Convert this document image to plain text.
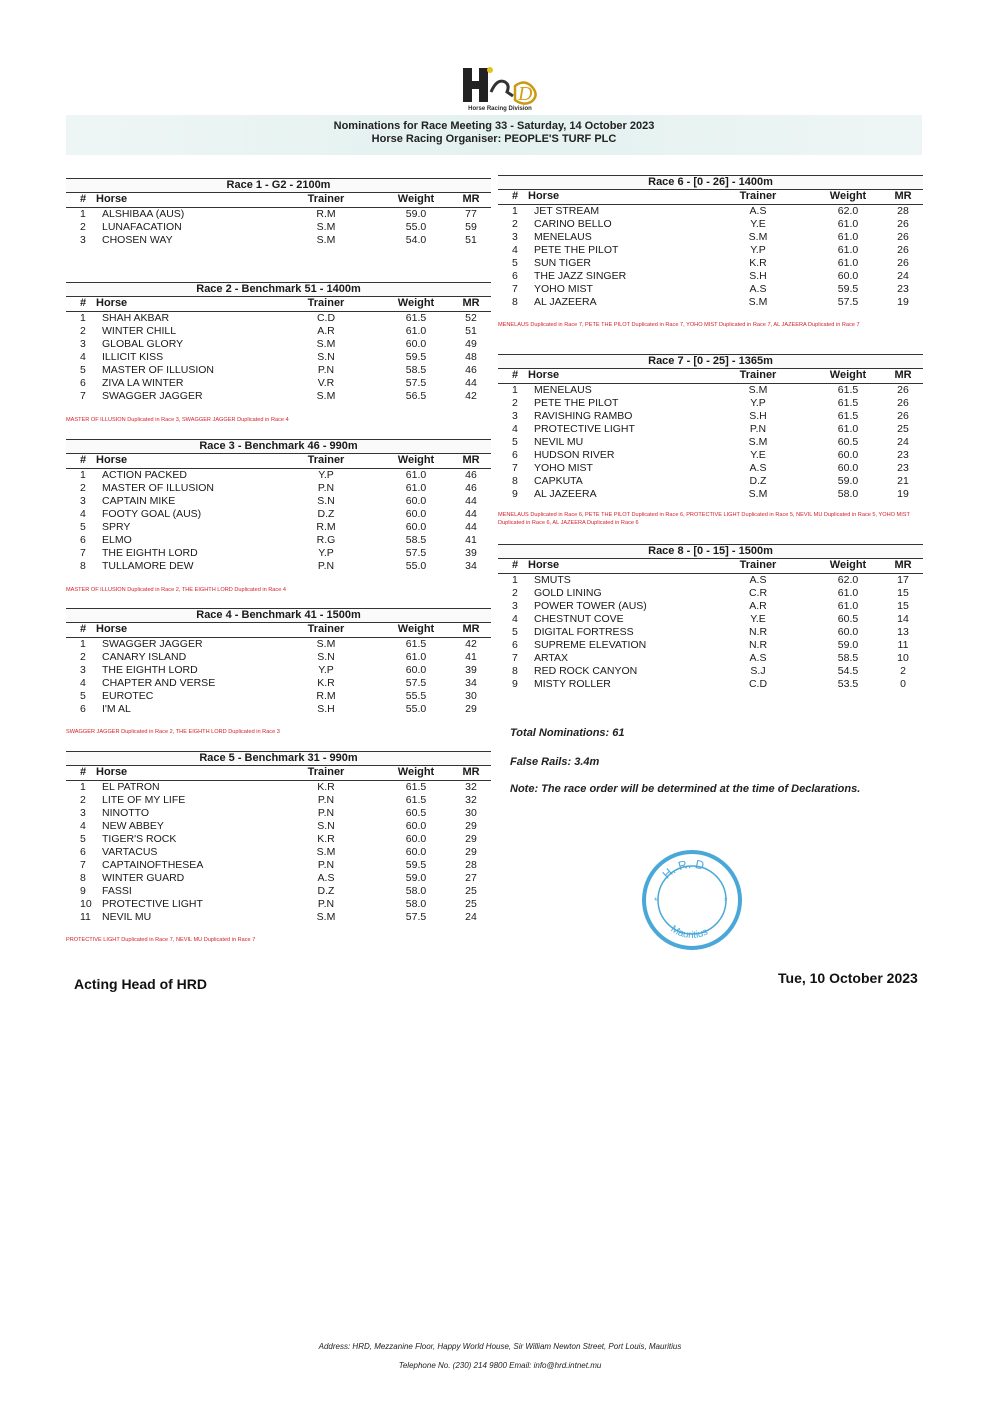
D
Horse Racing Division
Nominations for Race Meeting 33 - Saturday, 14 October 2023
Horse Racing Organiser: PEOPLE'S TURF PLC
Race 1 - G2 - 2100m
# Horse	Trainer	Weight	MR
1	ALSHIBAA (AUS)	R.M	59.0	77
2	LUNAFACATION	S.M	55.0	59
3	CHOSEN WAY	S.M	54.0	51
Race 2 - Benchmark 51 - 1400m
# Horse	Trainer	Weight	MR
1	SHAH AKBAR	C.D	61.5	52
2	WINTER CHILL	A.R	61.0	51
3	GLOBAL GLORY	S.M	60.0	49
4	ILLICIT KISS	S.N	59.5	48
5	MASTER OF ILLUSION	P.N	58.5	46
6	ZIVA LA WINTER	V.R	57.5	44
7	SWAGGER JAGGER	S.M	56.5	42
MASTER OF ILLUSION Duplicated in Race 3, SWAGGER JAGGER Duplicated in Race 4
Race 3 - Benchmark 46 - 990m
# Horse	Trainer	Weight	MR
1	ACTION PACKED	Y.P	61.0	46
2	MASTER OF ILLUSION	P.N	61.0	46
3	CAPTAIN MIKE	S.N	60.0	44
4	FOOTY GOAL (AUS)	D.Z	60.0	44
5	SPRY	R.M	60.0	44
6	ELMO	R.G	58.5	41
7	THE EIGHTH LORD	Y.P	57.5	39
8	TULLAMORE DEW	P.N	55.0	34
MASTER OF ILLUSION Duplicated in Race 2, THE EIGHTH LORD Duplicated in Race 4
Race 4 - Benchmark 41 - 1500m
# Horse	Trainer	Weight	MR
1	SWAGGER JAGGER	S.M	61.5	42
2	CANARY ISLAND	S.N	61.0	41
3	THE EIGHTH LORD	Y.P	60.0	39
4	CHAPTER AND VERSE	K.R	57.5	34
5	EUROTEC	R.M	55.5	30
6	I'M AL	S.H	55.0	29
SWAGGER JAGGER Duplicated in Race 2, THE EIGHTH LORD Duplicated in Race 3
Race 5 - Benchmark 31 - 990m
# Horse	Trainer	Weight	MR
1	EL PATRON	K.R	61.5	32
2	LITE OF MY LIFE	P.N	61.5	32
3	NINOTTO	P.N	60.5	30
4	NEW ABBEY	S.N	60.0	29
5	TIGER'S ROCK	K.R	60.0	29
6	VARTACUS	S.M	60.0	29
7	CAPTAINOFTHESEA	P.N	59.5	28
8	WINTER GUARD	A.S	59.0	27
9	FASSI	D.Z	58.0	25
10 PROTECTIVE LIGHT	P.N	58.0	25
11 NEVIL MU	S.M	57.5	24
PROTECTIVE LIGHT Duplicated in Race 7, NEVIL MU Duplicated in Race 7
Race 6 - [0 - 26] - 1400m
# Horse	Trainer	Weight	MR
1	JET STREAM	A.S	62.0	28
2	CARINO BELLO	Y.E	61.0	26
3	MENELAUS	S.M	61.0	26
4	PETE THE PILOT	Y.P	61.0	26
5	SUN TIGER	K.R	61.0	26
6	THE JAZZ SINGER	S.H	60.0	24
7	YOHO MIST	A.S	59.5	23
8	AL JAZEERA	S.M	57.5	19
MENELAUS Duplicated in Race 7, PETE THE PILOT Duplicated in Race 7, YOHO MIST Duplicated in Race 7, AL JAZEERA Duplicated in Race 7
Race 7 - [0 - 25] - 1365m
# Horse	Trainer	Weight	MR
1	MENELAUS	S.M	61.5	26
2	PETE THE PILOT	Y.P	61.5	26
3	RAVISHING RAMBO	S.H	61.5	26
4	PROTECTIVE LIGHT	P.N	61.0	25
5	NEVIL MU	S.M	60.5	24
6	HUDSON RIVER	Y.E	60.0	23
7	YOHO MIST	A.S	60.0	23
8	CAPKUTA	D.Z	59.0	21
9	AL JAZEERA	S.M	58.0	19
MENELAUS Duplicated in Race 6, PETE THE PILOT Duplicated in Race 6, PROTECTIVE LIGHT Duplicated in Race 5, NEVIL MU Duplicated in Race 5, YOHO MIST Duplicated in Race 6, AL JAZEERA Duplicated in Race 6
Race 8 - [0 - 15] - 1500m
# Horse	Trainer	Weight	MR
1	SMUTS	A.S	62.0	17
2	GOLD LINING	C.R	61.0	15
3	POWER TOWER (AUS)	A.R	61.0	15
4	CHESTNUT COVE	Y.E	60.5	14
5	DIGITAL FORTRESS	N.R	60.0	13
6	SUPREME ELEVATION	N.R	59.0	11
7	ARTAX	A.S	58.5	10
8	RED ROCK CANYON	S.J	54.5	2
9	MISTY ROLLER	C.D	53.5	0
Total Nominations: 61
False Rails: 3.4m
Note: The race order will be determined at the time of Declarations.
H. R. D
Mauritius
*	*
Acting Head of HRD	Tue, 10 October 2023
Address: HRD, Mezzanine Floor, Happy World House, Sir William Newton Street, Port Louis, Mauritius
Telephone No. (230) 214 9800 Email: info@hrd.intnet.mu
